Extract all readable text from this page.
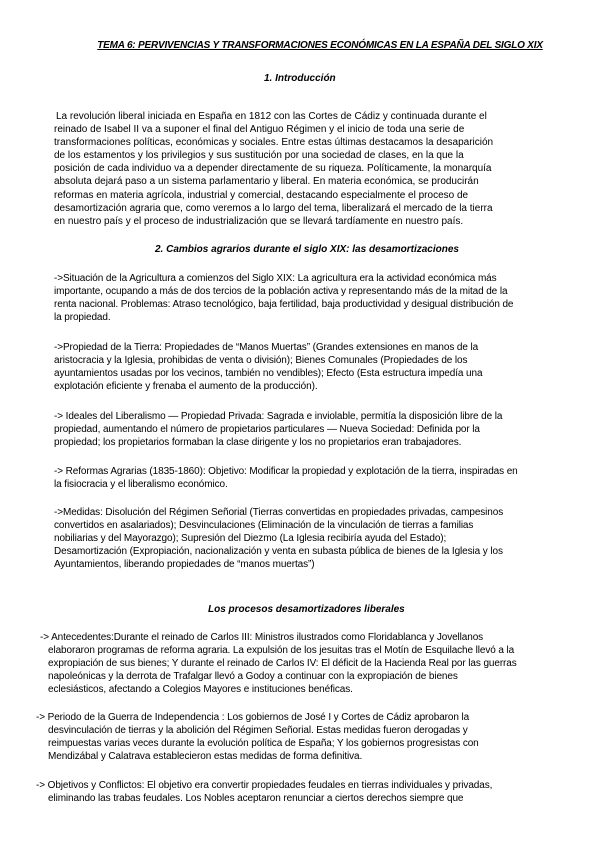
TEMA 6: PERVIVENCIAS Y TRANSFORMACIONES ECONÓMICAS EN LA ESPAÑA DEL SIGLO XIX
1. Introducción
La revolución liberal iniciada en España en 1812 con las Cortes de Cádiz y continuada durante el
reinado de Isabel II va a suponer el final del Antiguo Régimen y el inicio de toda una serie de
transformaciones políticas, económicas y sociales. Entre estas últimas destacamos la desaparición
de los estamentos y los privilegios y sus sustitución por una sociedad de clases, en la que la
posición de cada individuo va a depender directamente de su riqueza. Políticamente, la monarquía
absoluta dejará paso a un sistema parlamentario y liberal. En materia económica, se producirán
reformas en materia agrícola, industrial y comercial, destacando especialmente el proceso de
desamortización agraria que, como veremos a lo largo del tema, liberalizará el mercado de la tierra
en nuestro país y el proceso de industrialización que se llevará tardíamente en nuestro país.
2. Cambios agrarios durante el siglo XIX: las desamortizaciones
->Situación de la Agricultura a comienzos del Siglo XIX: La agricultura era la actividad económica más
importante, ocupando a más de dos tercios de la población activa y representando más de la mitad de la
renta nacional. Problemas: Atraso tecnológico, baja fertilidad, baja productividad y desigual distribución de
la propiedad.
->Propiedad de la Tierra: Propiedades de “Manos Muertas” (Grandes extensiones en manos de la
aristocracia y la Iglesia, prohibidas de venta o división); Bienes Comunales (Propiedades de los
ayuntamientos usadas por los vecinos, también no vendibles); Efecto (Esta estructura impedía una
explotación eficiente y frenaba el aumento de la producción).
-> Ideales del Liberalismo — Propiedad Privada: Sagrada e inviolable, permitía la disposición libre de la
propiedad, aumentando el número de propietarios particulares — Nueva Sociedad: Definida por la
propiedad; los propietarios formaban la clase dirigente y los no propietarios eran trabajadores.
-> Reformas Agrarias (1835-1860): Objetivo: Modificar la propiedad y explotación de la tierra, inspiradas en
la fisiocracia y el liberalismo económico.
->Medidas: Disolución del Régimen Señorial (Tierras convertidas en propiedades privadas, campesinos
convertidos en asalariados); Desvinculaciones (Eliminación de la vinculación de tierras a familias
nobiliarias y del Mayorazgo); Supresión del Diezmo (La Iglesia recibiría ayuda del Estado);
Desamortización (Expropiación, nacionalización y venta en subasta pública de bienes de la Iglesia y los
Ayuntamientos, liberando propiedades de “manos muertas”)
Los procesos desamortizadores liberales
-> Antecedentes:Durante el reinado de Carlos III: Ministros ilustrados como Floridablanca y Jovellanos
elaboraron programas de reforma agraria. La expulsión de los jesuitas tras el Motín de Esquilache llevó a la
expropiación de sus bienes; Y durante el reinado de Carlos IV: El déficit de la Hacienda Real por las guerras
napoleónicas y la derrota de Trafalgar llevó a Godoy a continuar con la expropiación de bienes
eclesiásticos, afectando a Colegios Mayores e instituciones benéficas.
-> Periodo de la Guerra de Independencia : Los gobiernos de José I y Cortes de Cádiz aprobaron la
desvinculación de tierras y la abolición del Régimen Señorial. Estas medidas fueron derogadas y
reimpuestas varias veces durante la evolución política de España; Y los gobiernos progresistas con
Mendizábal y Calatrava establecieron estas medidas de forma definitiva.
-> Objetivos y Conflictos: El objetivo era convertir propiedades feudales en tierras individuales y privadas,
eliminando las trabas feudales. Los Nobles aceptaron renunciar a ciertos derechos siempre que
